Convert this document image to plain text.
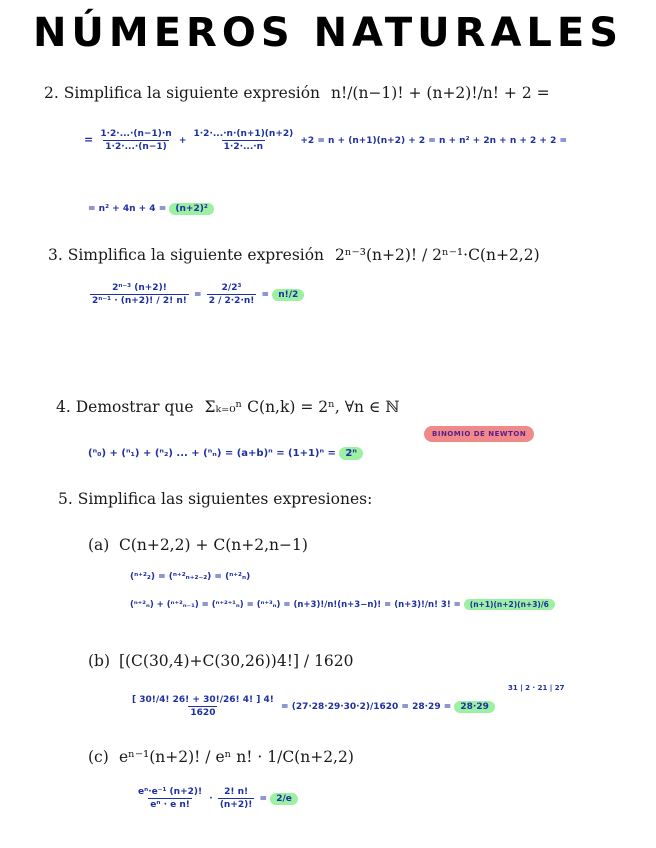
NÚMEROS NATURALES
2. Simplifica la siguiente expresión n!/(n−1)! + (n+2)!/n! + 2 =
= $\frac{1\cdot 2\cdot...\cdot(n-1)\cdot n}{1\cdot 2\cdot...\cdot(n-1)} + \frac{1\cdot 2\cdot...\cdot n\cdot(n+1)(n+2)}{1\cdot 2\cdot...\cdot n} +2 = n + (n+1)(n+2) + 2 = n + n^2 + 2n + n + 2 + 2$ =
= n² + 4n + 4 = (n+2)²
3. Simplifica la siguiente expresión 2ⁿ⁻³(n+2)! / 2ⁿ⁻¹·C(n+2,2)
$\frac{\text{2ⁿ⁻³ (n+2)!}}{\text{2ⁿ⁻¹ · (n+2)! / 2! n!}} = \frac{\text{2/2³}}{2 / 2\cdot 2\cdot n!} = n!/2$
4. Demostrar que Σₖ₌₀ⁿ C(n,k) = 2ⁿ, ∀n ∈ ℕ
BINOMIO DE NEWTON
(ⁿ₀) + (ⁿ₁) + (ⁿ₂) ... + (ⁿₙ) = (a+b)ⁿ = (1+1)ⁿ = 2ⁿ
5. Simplifica las siguientes expresiones:
(a) C(n+2,2) + C(n+2,n−1)
(ⁿ⁺²₂) = (ⁿ⁺²ₙ₊₂₋₂) = (ⁿ⁺²ₙ)
(ⁿ⁺²ₙ) + (ⁿ⁺²ₙ₋₁) = (ⁿ⁺²⁺¹ₙ) = (ⁿ⁺³ₙ) = (n+3)!/n!(n+3−n)! = (n+3)!/n! 3! = (n+1)(n+2)(n+3)/6
(b) [(C(30,4)+C(30,26))4!] / 1620
31 | 2 · 21 | 27
$\frac{[ 30!/4! 26! + 30!/26! 4! ] 4!}{1620} = (27\cdot 28\cdot 29\cdot 30\cdot 2)/1620 = 28\cdot 29 = 28\cdot 29$
(c) eⁿ⁻¹(n+2)! / eⁿ n! · 1/C(n+2,2)
$\frac{\text{eⁿ·e⁻¹ (n+2)!}}{\text{eⁿ · e n!}} \cdot \frac{2! n!}{(n+2)!} = 2/e$
